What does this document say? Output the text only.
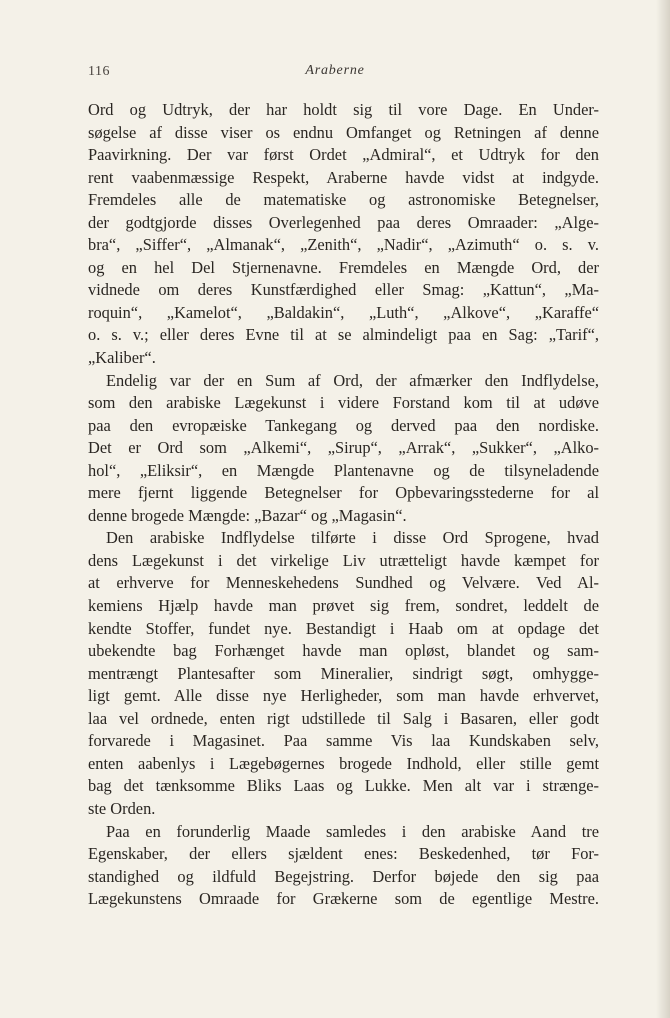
116	Araberne
Ord og Udtryk, der har holdt sig til vore Dage. En Under-
søgelse af disse viser os endnu Omfanget og Retningen af denne
Paavirkning. Der var først Ordet „Admiral“, et Udtryk for den
rent vaabenmæssige Respekt, Araberne havde vidst at indgyde.
Fremdeles alle de matematiske og astronomiske Betegnelser,
der godtgjorde disses Overlegenhed paa deres Omraader: „Alge-
bra“, „Siffer“, „Almanak“, „Zenith“, „Nadir“, „Azimuth“ o. s. v.
og en hel Del Stjernenavne. Fremdeles en Mængde Ord, der
vidnede om deres Kunstfærdighed eller Smag: „Kattun“, „Ma-
roquin“, „Kamelot“, „Baldakin“, „Luth“, „Alkove“, „Karaffe“
o. s. v.; eller deres Evne til at se almindeligt paa en Sag: „Tarif“,
„Kaliber“.
Endelig var der en Sum af Ord, der afmærker den Indflydelse,
som den arabiske Lægekunst i videre Forstand kom til at udøve
paa den evropæiske Tankegang og derved paa den nordiske.
Det er Ord som „Alkemi“, „Sirup“, „Arrak“, „Sukker“, „Alko-
hol“, „Eliksir“, en Mængde Plantenavne og de tilsyneladende
mere fjernt liggende Betegnelser for Opbevaringsstederne for al
denne brogede Mængde: „Bazar“ og „Magasin“.
Den arabiske Indflydelse tilførte i disse Ord Sprogene, hvad
dens Lægekunst i det virkelige Liv utrætteligt havde kæmpet for
at erhverve for Menneskehedens Sundhed og Velvære. Ved Al-
kemiens Hjælp havde man prøvet sig frem, sondret, leddelt de
kendte Stoffer, fundet nye. Bestandigt i Haab om at opdage det
ubekendte bag Forhænget havde man opløst, blandet og sam-
mentrængt Plantesafter som Mineralier, sindrigt søgt, omhygge-
ligt gemt. Alle disse nye Herligheder, som man havde erhvervet,
laa vel ordnede, enten rigt udstillede til Salg i Basaren, eller godt
forvarede i Magasinet. Paa samme Vis laa Kundskaben selv,
enten aabenlys i Lægebøgernes brogede Indhold, eller stille gemt
bag det tænksomme Bliks Laas og Lukke. Men alt var i strænge-
ste Orden.
Paa en forunderlig Maade samledes i den arabiske Aand tre
Egenskaber, der ellers sjældent enes: Beskedenhed, tør For-
standighed og ildfuld Begejstring. Derfor bøjede den sig paa
Lægekunstens Omraade for Grækerne som de egentlige Mestre.
